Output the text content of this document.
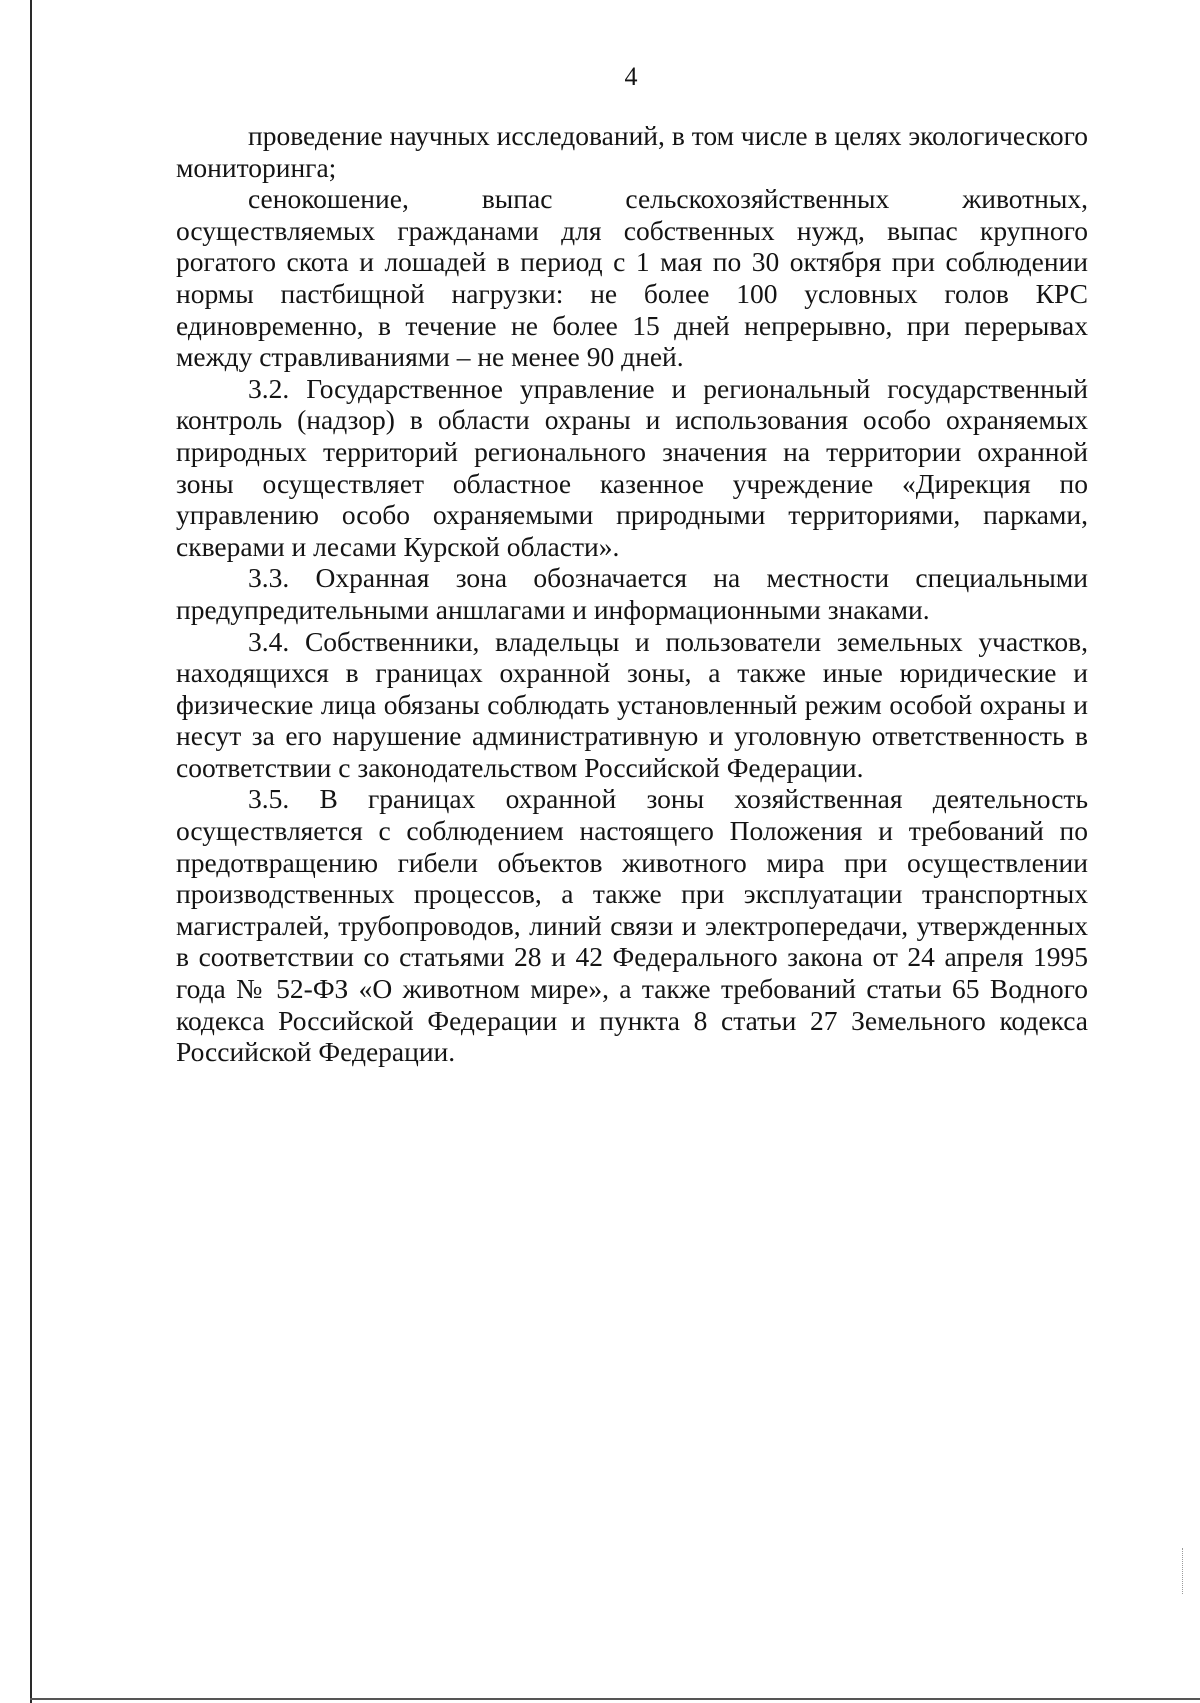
4

проведение научных исследований, в том числе в целях экологического мониторинга;

сенокошение, выпас сельскохозяйственных животных, осуществляемых гражданами для собственных нужд, выпас крупного рогатого скота и лошадей в период с 1 мая по 30 октября при соблюдении нормы пастбищной нагрузки: не более 100 условных голов КРС единовременно, в течение не более 15 дней непрерывно, при перерывах между стравливаниями – не менее 90 дней.

3.2. Государственное управление и региональный государственный контроль (надзор) в области охраны и использования особо охраняемых природных территорий регионального значения на территории охранной зоны осуществляет областное казенное учреждение «Дирекция по управлению особо охраняемыми природными территориями, парками, скверами и лесами Курской области».

3.3. Охранная зона обозначается на местности специальными предупредительными аншлагами и информационными знаками.

3.4. Собственники, владельцы и пользователи земельных участков, находящихся в границах охранной зоны, а также иные юридические и физические лица обязаны соблюдать установленный режим особой охраны и несут за его нарушение административную и уголовную ответственность в соответствии с законодательством Российской Федерации.

3.5. В границах охранной зоны хозяйственная деятельность осуществляется с соблюдением настоящего Положения и требований по предотвращению гибели объектов животного мира при осуществлении производственных процессов, а также при эксплуатации транспортных магистралей, трубопроводов, линий связи и электропередачи, утвержденных в соответствии со статьями 28 и 42 Федерального закона от 24 апреля 1995 года № 52-ФЗ «О животном мире», а также требований статьи 65 Водного кодекса Российской Федерации и пункта 8 статьи 27 Земельного кодекса Российской Федерации.
